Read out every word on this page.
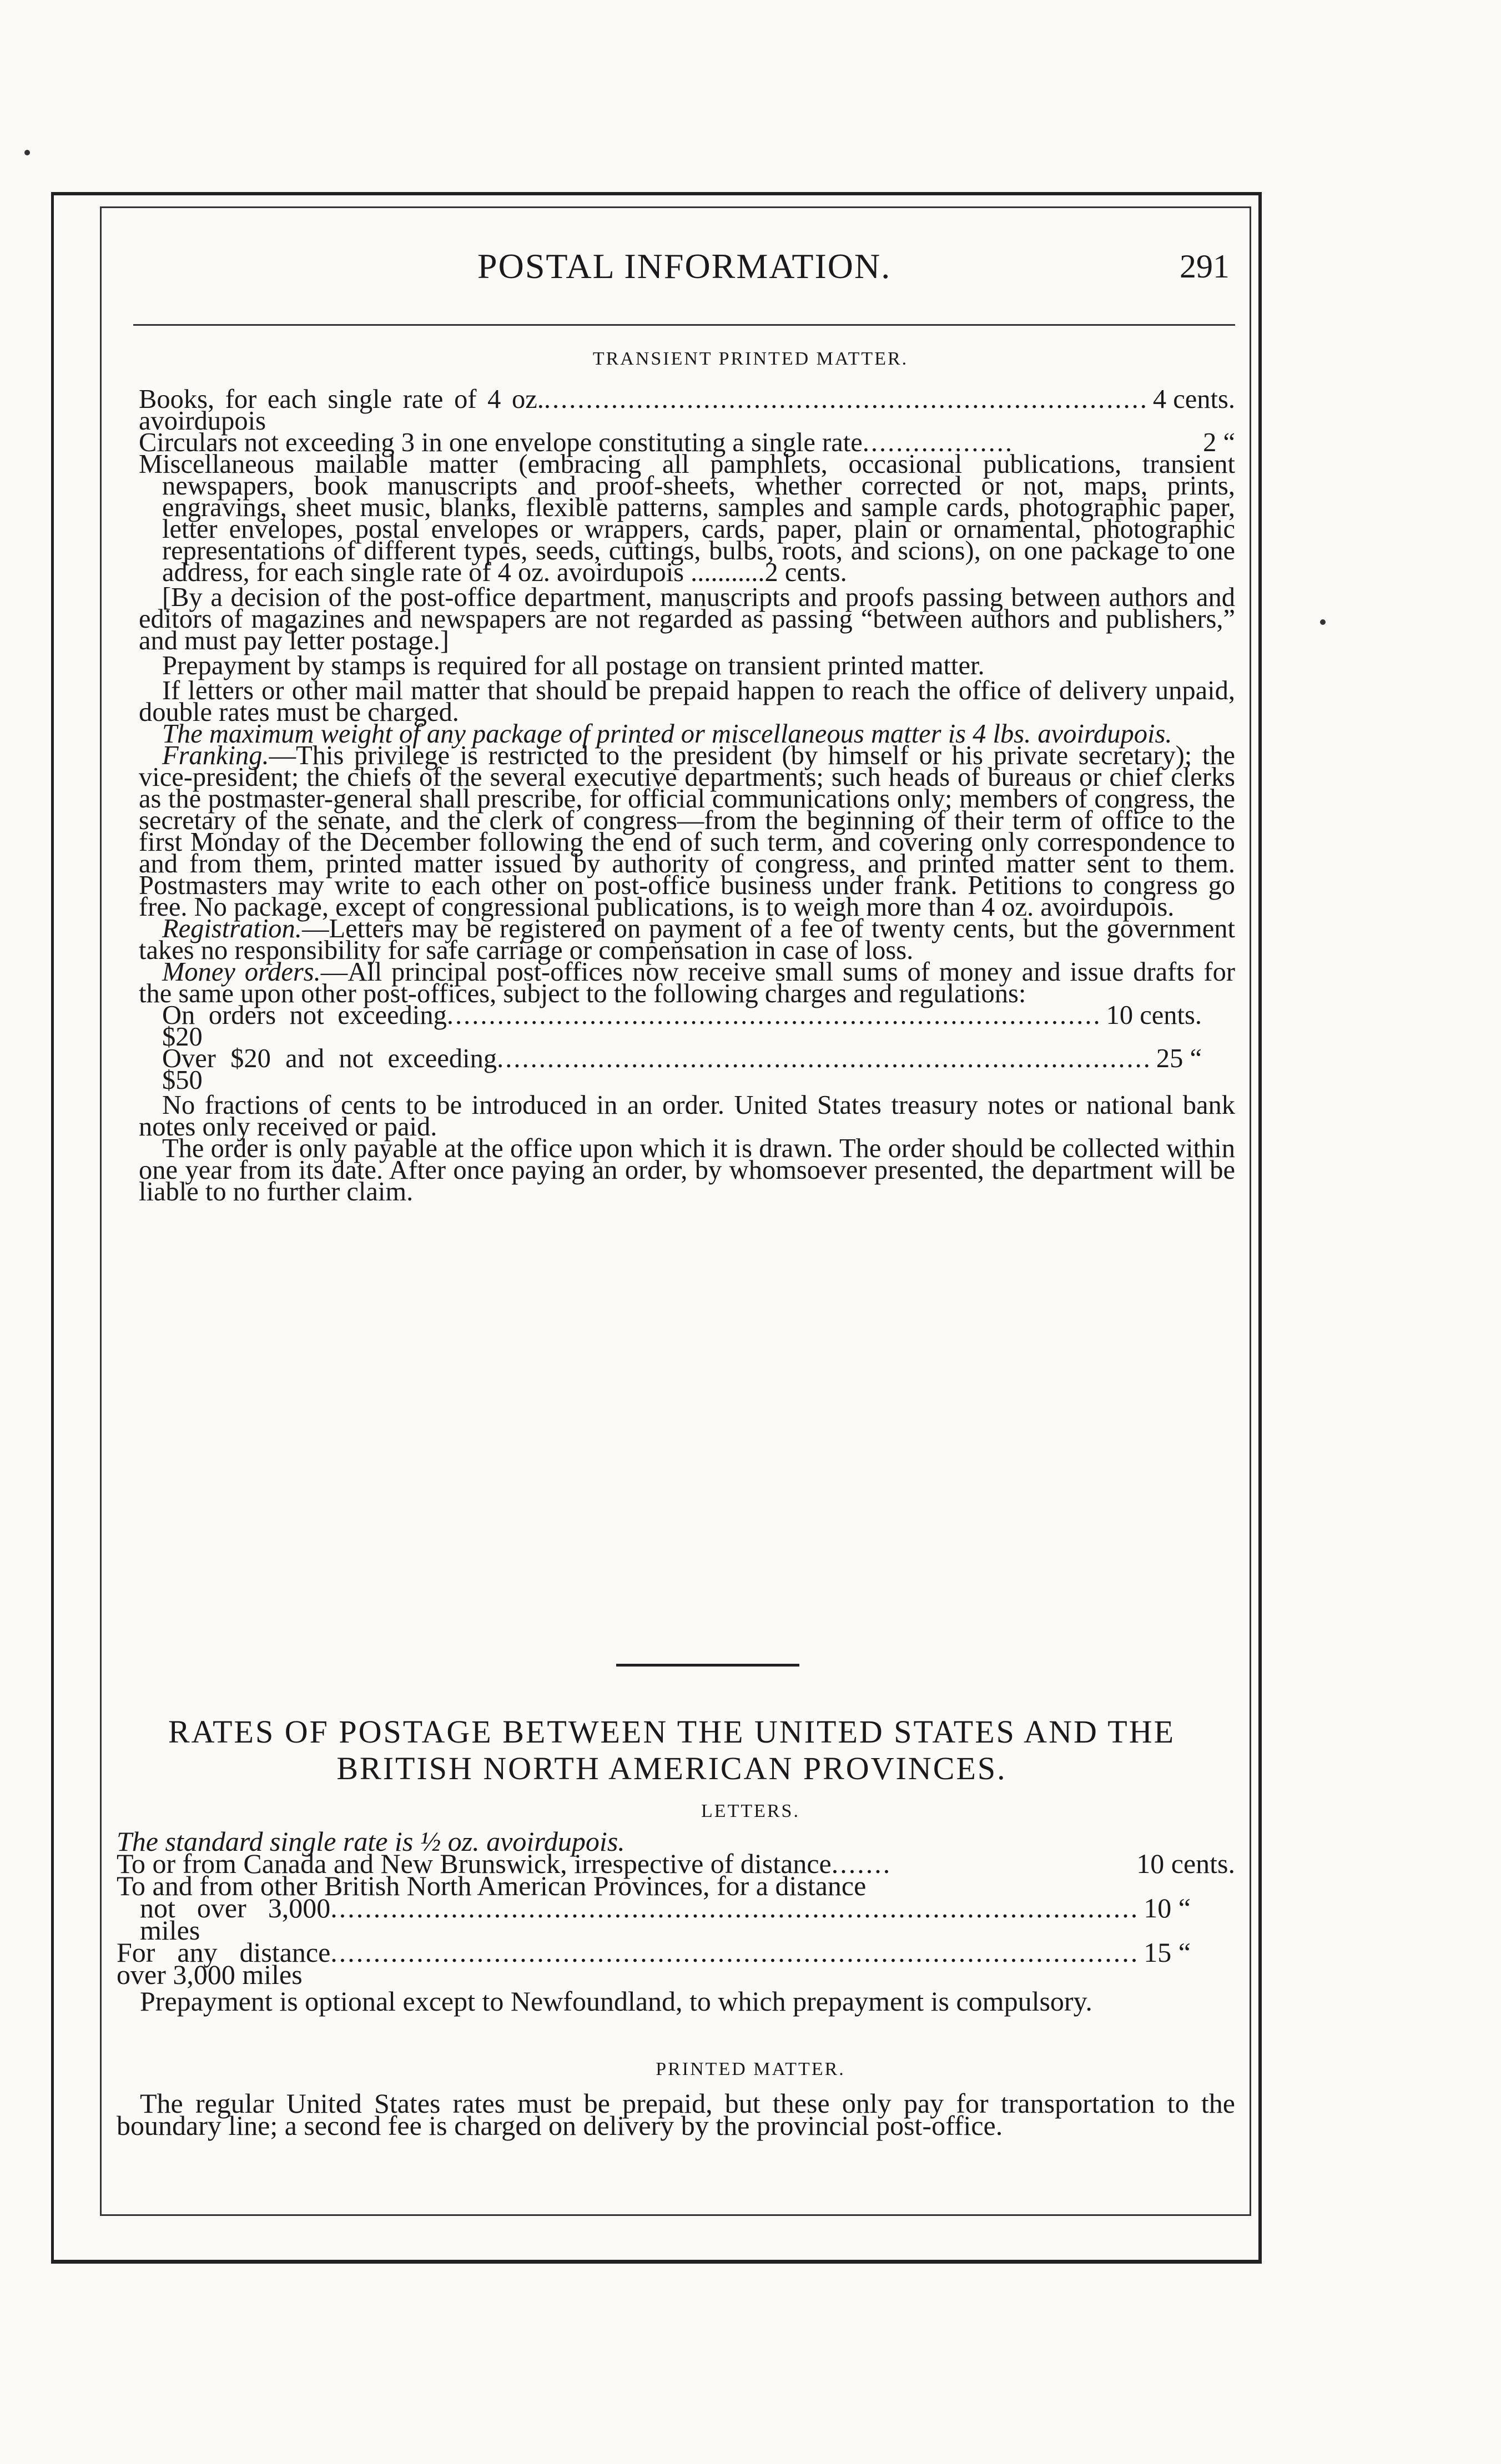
POSTAL INFORMATION.	291
TRANSIENT PRINTED MATTER.

Books, for each single rate of 4 oz. avoirdupois
........................................................................ 4 cents.

Circulars not exceeding 3 in one envelope constituting a single rate ..................	2 “

Miscellaneous mailable matter (embracing all pamphlets, occasional publications, transient newspapers, book manuscripts and proof-sheets, whether corrected or not, maps, prints, engravings, sheet music, blanks, flexible patterns, samples and sample cards, photographic paper, letter envelopes, postal envelopes or wrappers, cards, paper, plain or ornamental, photographic representations of different types, seeds, cuttings, bulbs, roots, and scions), on one package to one address, for each single rate of 4 oz. avoirdupois ...........2 cents.

[By a decision of the post-office department, manuscripts and proofs passing between authors and editors of magazines and newspapers are not regarded as passing “between authors and publishers,” and must pay letter postage.]

Prepayment by stamps is required for all postage on transient printed matter.

If letters or other mail matter that should be prepaid happen to reach the office of delivery unpaid, double rates must be charged.

The maximum weight of any package of printed or miscellaneous matter is 4 lbs. avoirdupois.

Franking.—This privilege is restricted to the president (by himself or his private secretary); the vice-president; the chiefs of the several executive departments; such heads of bureaus or chief clerks as the postmaster-general shall prescribe, for official communications only; members of congress, the secretary of the senate, and the clerk of congress—from the beginning of their term of office to the first Monday of the December following the end of such term, and covering only correspondence to and from them, printed matter issued by authority of congress, and printed matter sent to them. Postmasters may write to each other on post-office business under frank. Petitions to congress go free. No package, except of congressional publications, is to weigh more than 4 oz. avoirdupois.

Registration.—Letters may be registered on payment of a fee of twenty cents, but the government takes no responsibility for safe carriage or compensation in case of loss.

Money orders.—All principal post-offices now receive small sums of money and issue drafts for the same upon other post-offices, subject to the following charges and regulations:

On orders not exceeding $20
.............................................................................. 10 cents.

Over $20 and not exceeding $50
.............................................................................. 25 “

No fractions of cents to be introduced in an order. United States treasury notes or national bank notes only received or paid.

The order is only payable at the office upon which it is drawn. The order should be collected within one year from its date. After once paying an order, by whomsoever presented, the department will be liable to no further claim.

RATES OF POSTAGE BETWEEN THE UNITED STATES AND THE BRITISH NORTH AMERICAN PROVINCES.
LETTERS.

The standard single rate is ½ oz. avoirdupois.

To or from Canada and New Brunswick, irrespective of distance .......	10 cents.

To and from other British North American Provinces, for a distance

not over 3,000 miles
.............................................................................................. 10 “

For any distance over 3,000 miles
.............................................................................................. 15 “

Prepayment is optional except to Newfoundland, to which prepayment is compulsory.

PRINTED MATTER.

The regular United States rates must be prepaid, but these only pay for transportation to the boundary line; a second fee is charged on delivery by the provincial post-office.
